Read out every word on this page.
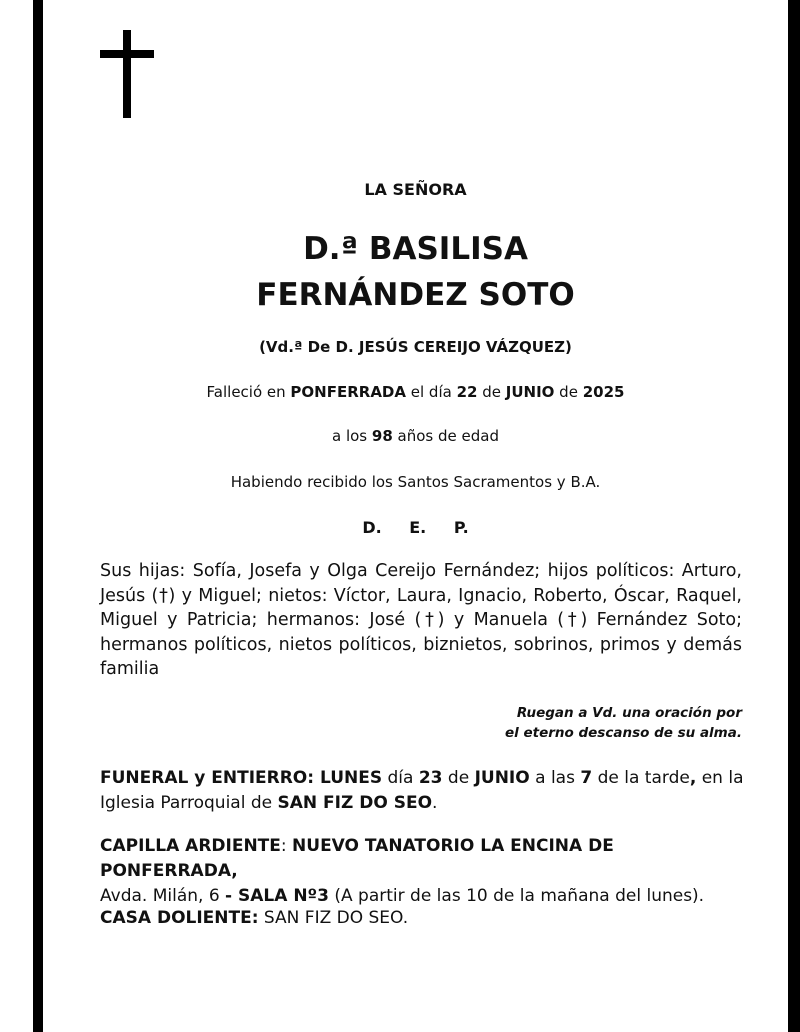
LA SEÑORA
D.ª BASILISA
FERNÁNDEZ SOTO
(Vd.ª De D. JESÚS CEREIJO VÁZQUEZ)
Falleció en PONFERRADA el día 22 de JUNIO de 2025
a los 98 años de edad
Habiendo recibido los Santos Sacramentos y B.A.
D. E. P.
Sus hijas: Sofía, Josefa y Olga Cereijo Fernández; hijos políticos: Arturo, Jesús (†) y Miguel; nietos: Víctor, Laura, Ignacio, Roberto, Óscar, Raquel, Miguel y Patricia; hermanos: José (†) y Manuela (†) Fernández Soto; hermanos políticos, nietos políticos, biznietos, sobrinos, primos y demás familia
Ruegan a Vd. una oración por
el eterno descanso de su alma.
FUNERAL y ENTIERRO: LUNES día 23 de JUNIO a las 7 de la tarde, en la Iglesia Parroquial de SAN FIZ DO SEO.
CAPILLA ARDIENTE: NUEVO TANATORIO LA ENCINA DE PONFERRADA,
Avda. Milán, 6 - SALA Nº3 (A partir de las 10 de la mañana del lunes).
CASA DOLIENTE: SAN FIZ DO SEO.
